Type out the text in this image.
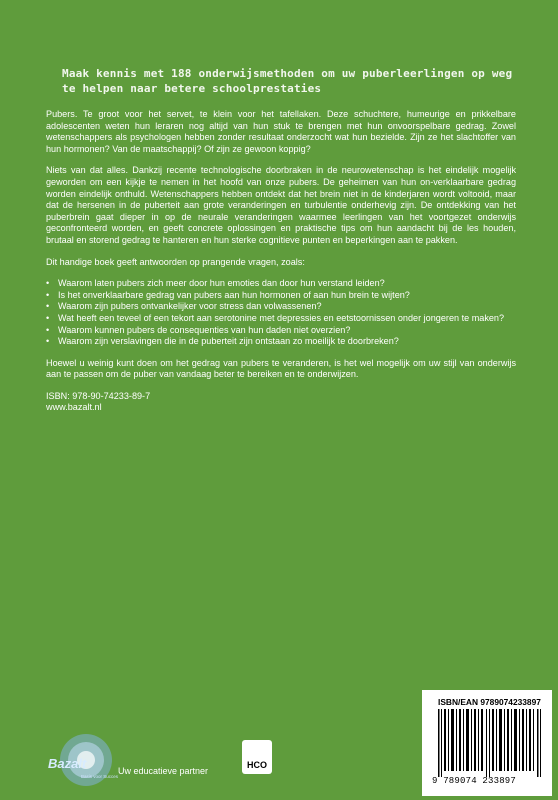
Maak kennis met 188 onderwijsmethoden om uw puberleerlingen op weg te helpen naar betere schoolprestaties

Pubers. Te groot voor het servet, te klein voor het tafellaken. Deze schuchtere, humeurige en prikkelbare adolescenten weten hun leraren nog altijd van hun stuk te brengen met hun onvoorspelbare gedrag. Zowel wetenschappers als psychologen hebben zonder resultaat onderzocht wat hun bezielde. Zijn ze het slachtoffer van hun hormonen? Van de maatschappij? Of zijn ze gewoon koppig?

Niets van dat alles. Dankzij recente technologische doorbraken in de neurowetenschap is het eindelijk mogelijk geworden om een kijkje te nemen in het hoofd van onze pubers. De geheimen van hun on-verklaarbare gedrag worden eindelijk onthuld. Wetenschappers hebben ontdekt dat het brein niet in de kinderjaren wordt voltooid, maar dat de hersenen in de puberteit aan grote veranderingen en turbulentie onderhevig zijn. De ontdekking van het puberbrein gaat dieper in op de neurale veranderingen waarmee leerlingen van het voortgezet onderwijs geconfronteerd worden, en geeft concrete oplossingen en praktische tips om hun aandacht bij de les houden, brutaal en storend gedrag te hanteren en hun sterke cognitieve punten en beperkingen aan te pakken.

Dit handige boek geeft antwoorden op prangende vragen, zoals:

• Waarom laten pubers zich meer door hun emoties dan door hun verstand leiden?
• Is het onverklaarbare gedrag van pubers aan hun hormonen of aan hun brein te wijten?
• Waarom zijn pubers ontvankelijker voor stress dan volwassenen?
• Wat heeft een teveel of een tekort aan serotonine met depressies en eetstoornissen onder jongeren te maken?
• Waarom kunnen pubers de consequenties van hun daden niet overzien?
• Waarom zijn verslavingen die in de puberteit zijn ontstaan zo moeilijk te doorbreken?

Hoewel u weinig kunt doen om het gedrag van pubers te veranderen, is het wel mogelijk om uw stijl van onderwijs aan te passen om de puber van vandaag beter te bereiken en te onderwijzen.

ISBN: 978-90-74233-89-7
www.bazalt.nl
Bazalt
Basis voor Succes
Uw educatieve partner
HCO
ISBN/EAN 9789074233897
9 789074 233897
